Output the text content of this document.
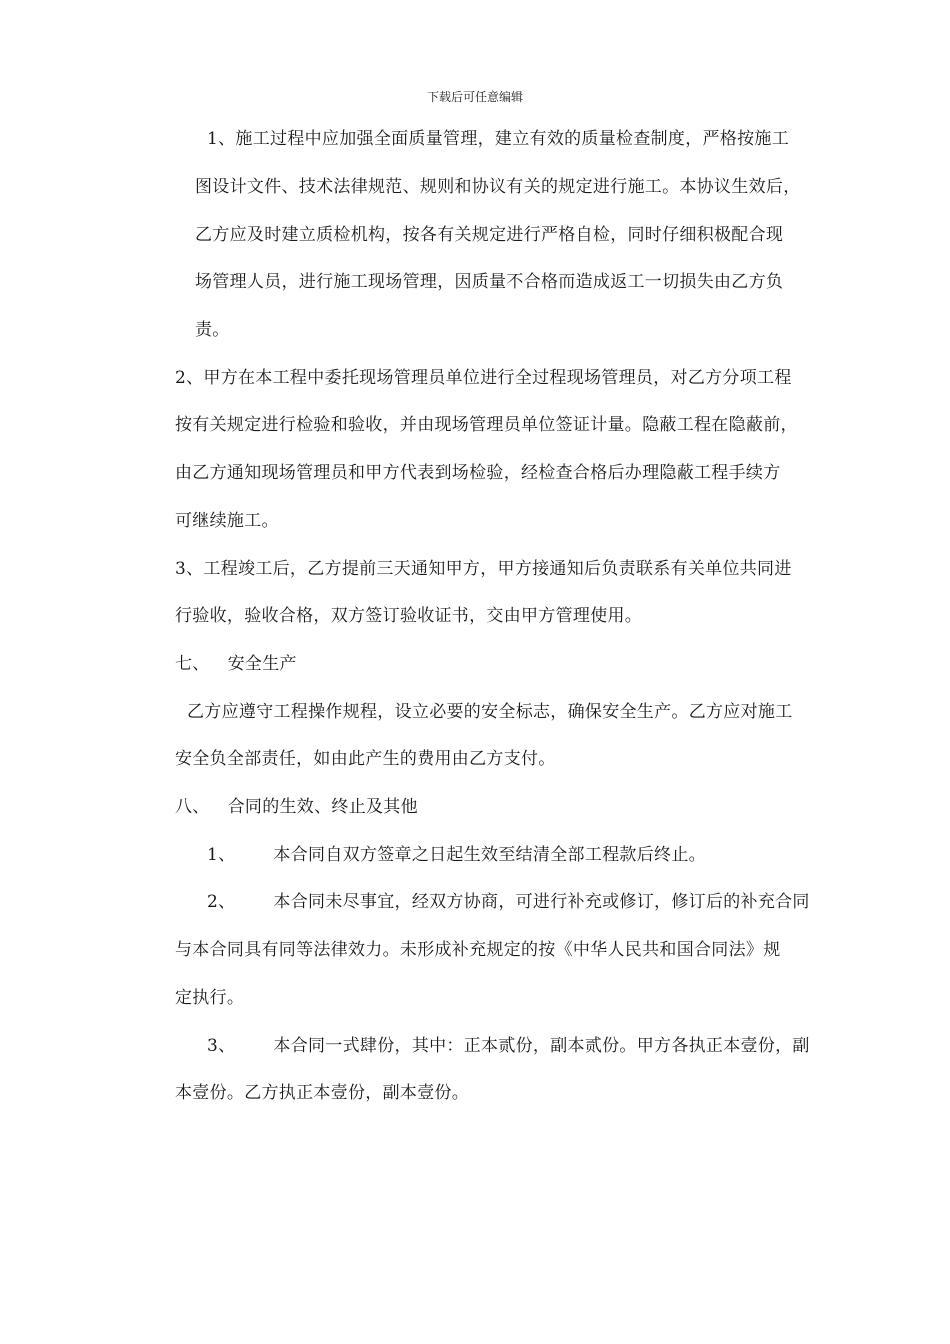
下载后可任意编辑
1、施工过程中应加强全面质量管理，建立有效的质量检查制度，严格按施工
图设计文件、技术法律规范、规则和协议有关的规定进行施工。本协议生效后，
乙方应及时建立质检机构，按各有关规定进行严格自检，同时仔细积极配合现
场管理人员，进行施工现场管理，因质量不合格而造成返工一切损失由乙方负
责。
2、甲方在本工程中委托现场管理员单位进行全过程现场管理员，对乙方分项工程
按有关规定进行检验和验收，并由现场管理员单位签证计量。隐蔽工程在隐蔽前，
由乙方通知现场管理员和甲方代表到场检验，经检查合格后办理隐蔽工程手续方
可继续施工。
3、工程竣工后，乙方提前三天通知甲方，甲方接通知后负责联系有关单位共同进
行验收，验收合格，双方签订验收证书，交由甲方管理使用。
七、 安全生产
乙方应遵守工程操作规程，设立必要的安全标志，确保安全生产。乙方应对施工
安全负全部责任，如由此产生的费用由乙方支付。
八、 合同的生效、终止及其他
1、 本合同自双方签章之日起生效至结清全部工程款后终止。
2、 本合同未尽事宜，经双方协商，可进行补充或修订，修订后的补充合同
与本合同具有同等法律效力。未形成补充规定的按《中华人民共和国合同法》规
定执行。
3、 本合同一式肆份，其中：正本贰份，副本贰份。甲方各执正本壹份，副
本壹份。乙方执正本壹份，副本壹份。
